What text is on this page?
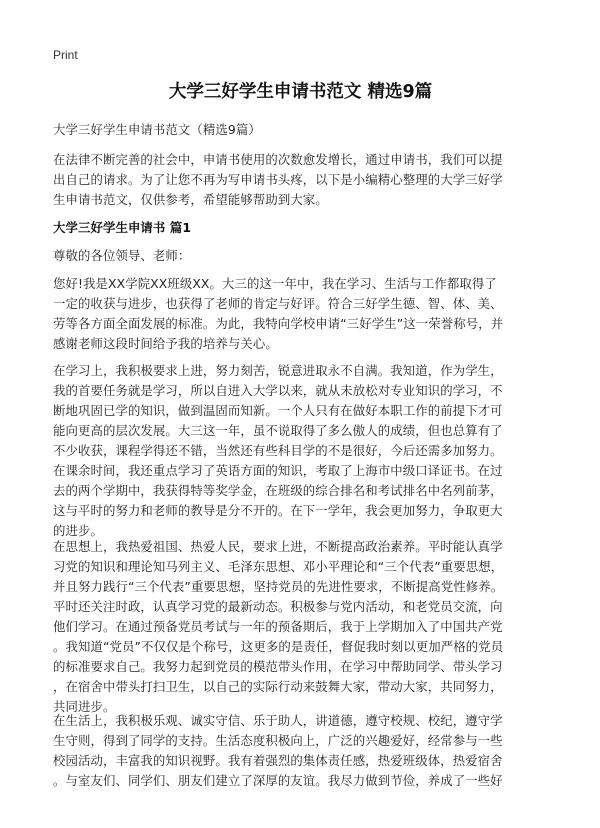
Print
大学三好学生申请书范文 精选9篇
大学三好学生申请书范文（精选9篇）
在法律不断完善的社会中，申请书使用的次数愈发增长，通过申请书，我们可以提
出自己的请求。为了让您不再为写申请书头疼，以下是小编精心整理的大学三好学
生申请书范文，仅供参考，希望能够帮助到大家。
大学三好学生申请书 篇1
尊敬的各位领导、老师：
您好!我是XX学院XX班级XX。大三的这一年中，我在学习、生活与工作都取得了
一定的收获与进步，也获得了老师的肯定与好评。符合三好学生德、智、体、美、
劳等各方面全面发展的标准。为此，我特向学校申请“三好学生”这一荣誉称号，并
感谢老师这段时间给予我的培养与关心。
在学习上，我积极要求上进，努力刻苦，锐意进取永不自满。我知道，作为学生，
我的首要任务就是学习，所以自进入大学以来，就从未放松对专业知识的学习，不
断地巩固已学的知识，做到温固而知新。一个人只有在做好本职工作的前提下才可
能向更高的层次发展。大三这一年，虽不说取得了多么傲人的成绩，但也总算有了
不少收获，课程学得还不错，当然还有些科目学的不是很好，今后还需多加努力。
在课余时间，我还重点学习了英语方面的知识，考取了上海市中级口译证书。在过
去的两个学期中，我获得特等奖学金，在班级的综合排名和考试排名中名列前茅，
这与平时的努力和老师的教导是分不开的。在下一学年，我会更加努力，争取更大
的进步。
在思想上，我热爱祖国、热爱人民，要求上进，不断提高政治素养。平时能认真学
习党的知识和理论知马列主义、毛泽东思想、邓小平理论和“三个代表”重要思想，
并且努力践行“三个代表”重要思想，坚持党员的先进性要求，不断提高党性修养。
平时还关注时政，认真学习党的最新动态。积极参与党内活动，和老党员交流，向
他们学习。在通过预备党员考试与一年的预备期后，我于上学期加入了中国共产党
。我知道“党员”不仅仅是个称号，这更多的是责任，督促我时刻以更加严格的党员
的标准要求自己。我努力起到党员的模范带头作用，在学习中帮助同学、带头学习
，在宿舍中带头打扫卫生，以自己的实际行动来鼓舞大家，带动大家，共同努力，
共同进步。
在生活上，我积极乐观、诚实守信、乐于助人，讲道德，遵守校规、校纪，遵守学
生守则，得到了同学的支持。生活态度积极向上，广泛的兴趣爱好，经常参与一些
校园活动，丰富我的知识视野。我有着强烈的集体责任感，热爱班级体，热爱宿舍
。与室友们、同学们、朋友们建立了深厚的友谊。我尽力做到节俭，养成了一些好
